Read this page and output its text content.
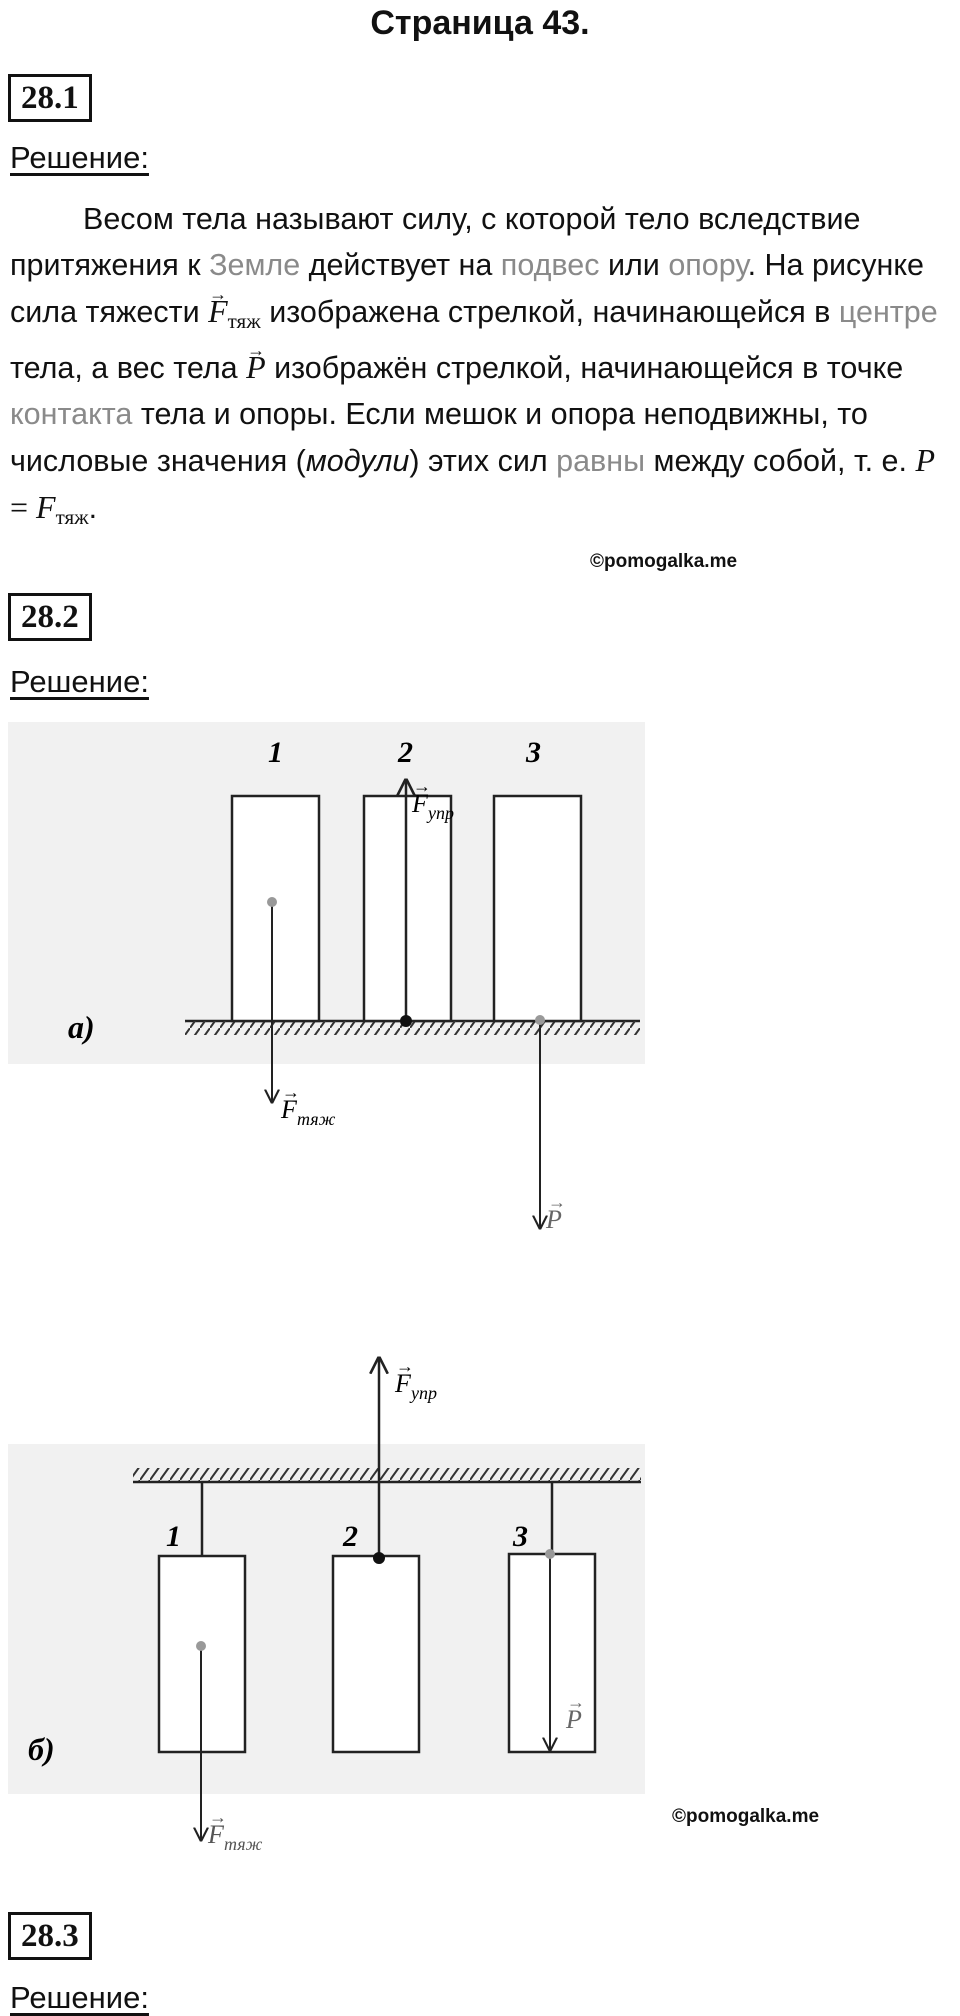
Страница 43.
28.1
Решение:
Весом тела называют силу, с которой тело вследствие притяжения к Земле действует на подвес или опору. На рисунке сила тяжести → $F_{тяж}$ изображена стрелкой, начинающейся в центре тела, а вес тела → P изображён стрелкой, начинающейся в точке контакта тела и опоры. Если мешок и опора неподвижны, то числовые значения (модули) этих сил равны между собой, т. е. $P = F_{тяж}$.
©pomogalka.me
28.2
Решение:
1	2	3
а)
F
→
тяж
F
→
упр
P
→
1	2	3
б)
F
→
тяж
F
→
упр
P
→
©pomogalka.me
28.3
Решение:
